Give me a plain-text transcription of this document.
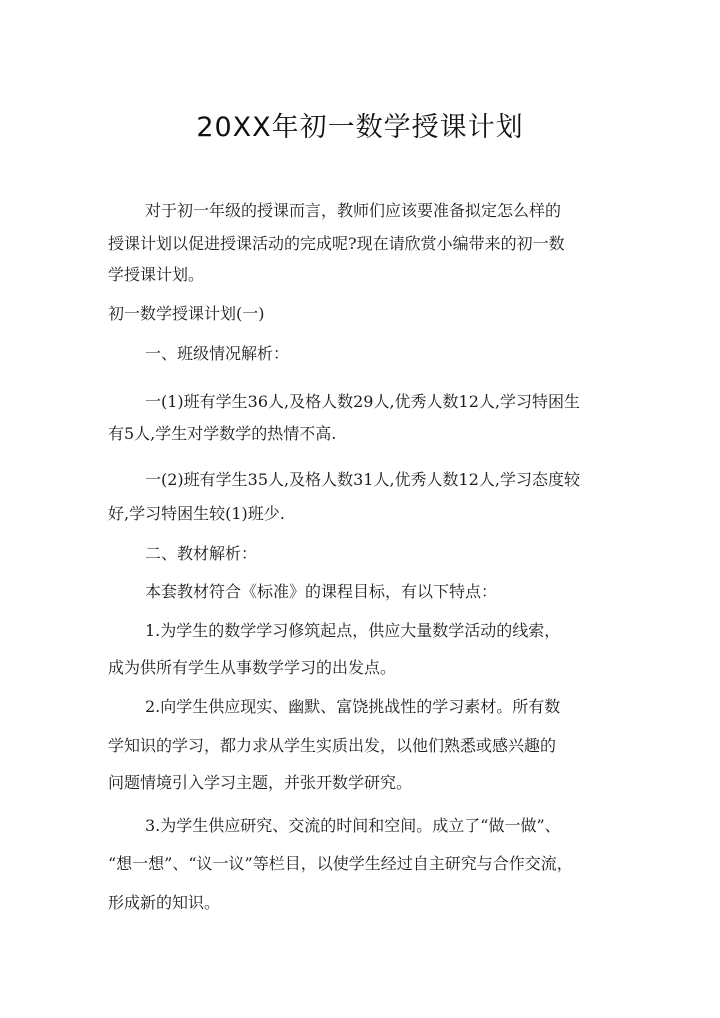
20XX年初一数学授课计划
对于初一年级的授课而言，教师们应该要准备拟定怎么样的
授课计划以促进授课活动的完成呢?现在请欣赏小编带来的初一数
学授课计划。
初一数学授课计划(一)
一、班级情况解析：
一(1)班有学生36人,及格人数29人,优秀人数12人,学习特困生
有5人,学生对学数学的热情不高.
一(2)班有学生35人,及格人数31人,优秀人数12人,学习态度较
好,学习特困生较(1)班少.
二、教材解析：
本套教材符合《标准》的课程目标，有以下特点：
1.为学生的数学学习修筑起点，供应大量数学活动的线索，
成为供所有学生从事数学学习的出发点。
2.向学生供应现实、幽默、富饶挑战性的学习素材。所有数
学知识的学习，都力求从学生实质出发，以他们熟悉或感兴趣的
问题情境引入学习主题，并张开数学研究。
3.为学生供应研究、交流的时间和空间。成立了“做一做”、
“想一想”、“议一议”等栏目，以使学生经过自主研究与合作交流，
形成新的知识。
